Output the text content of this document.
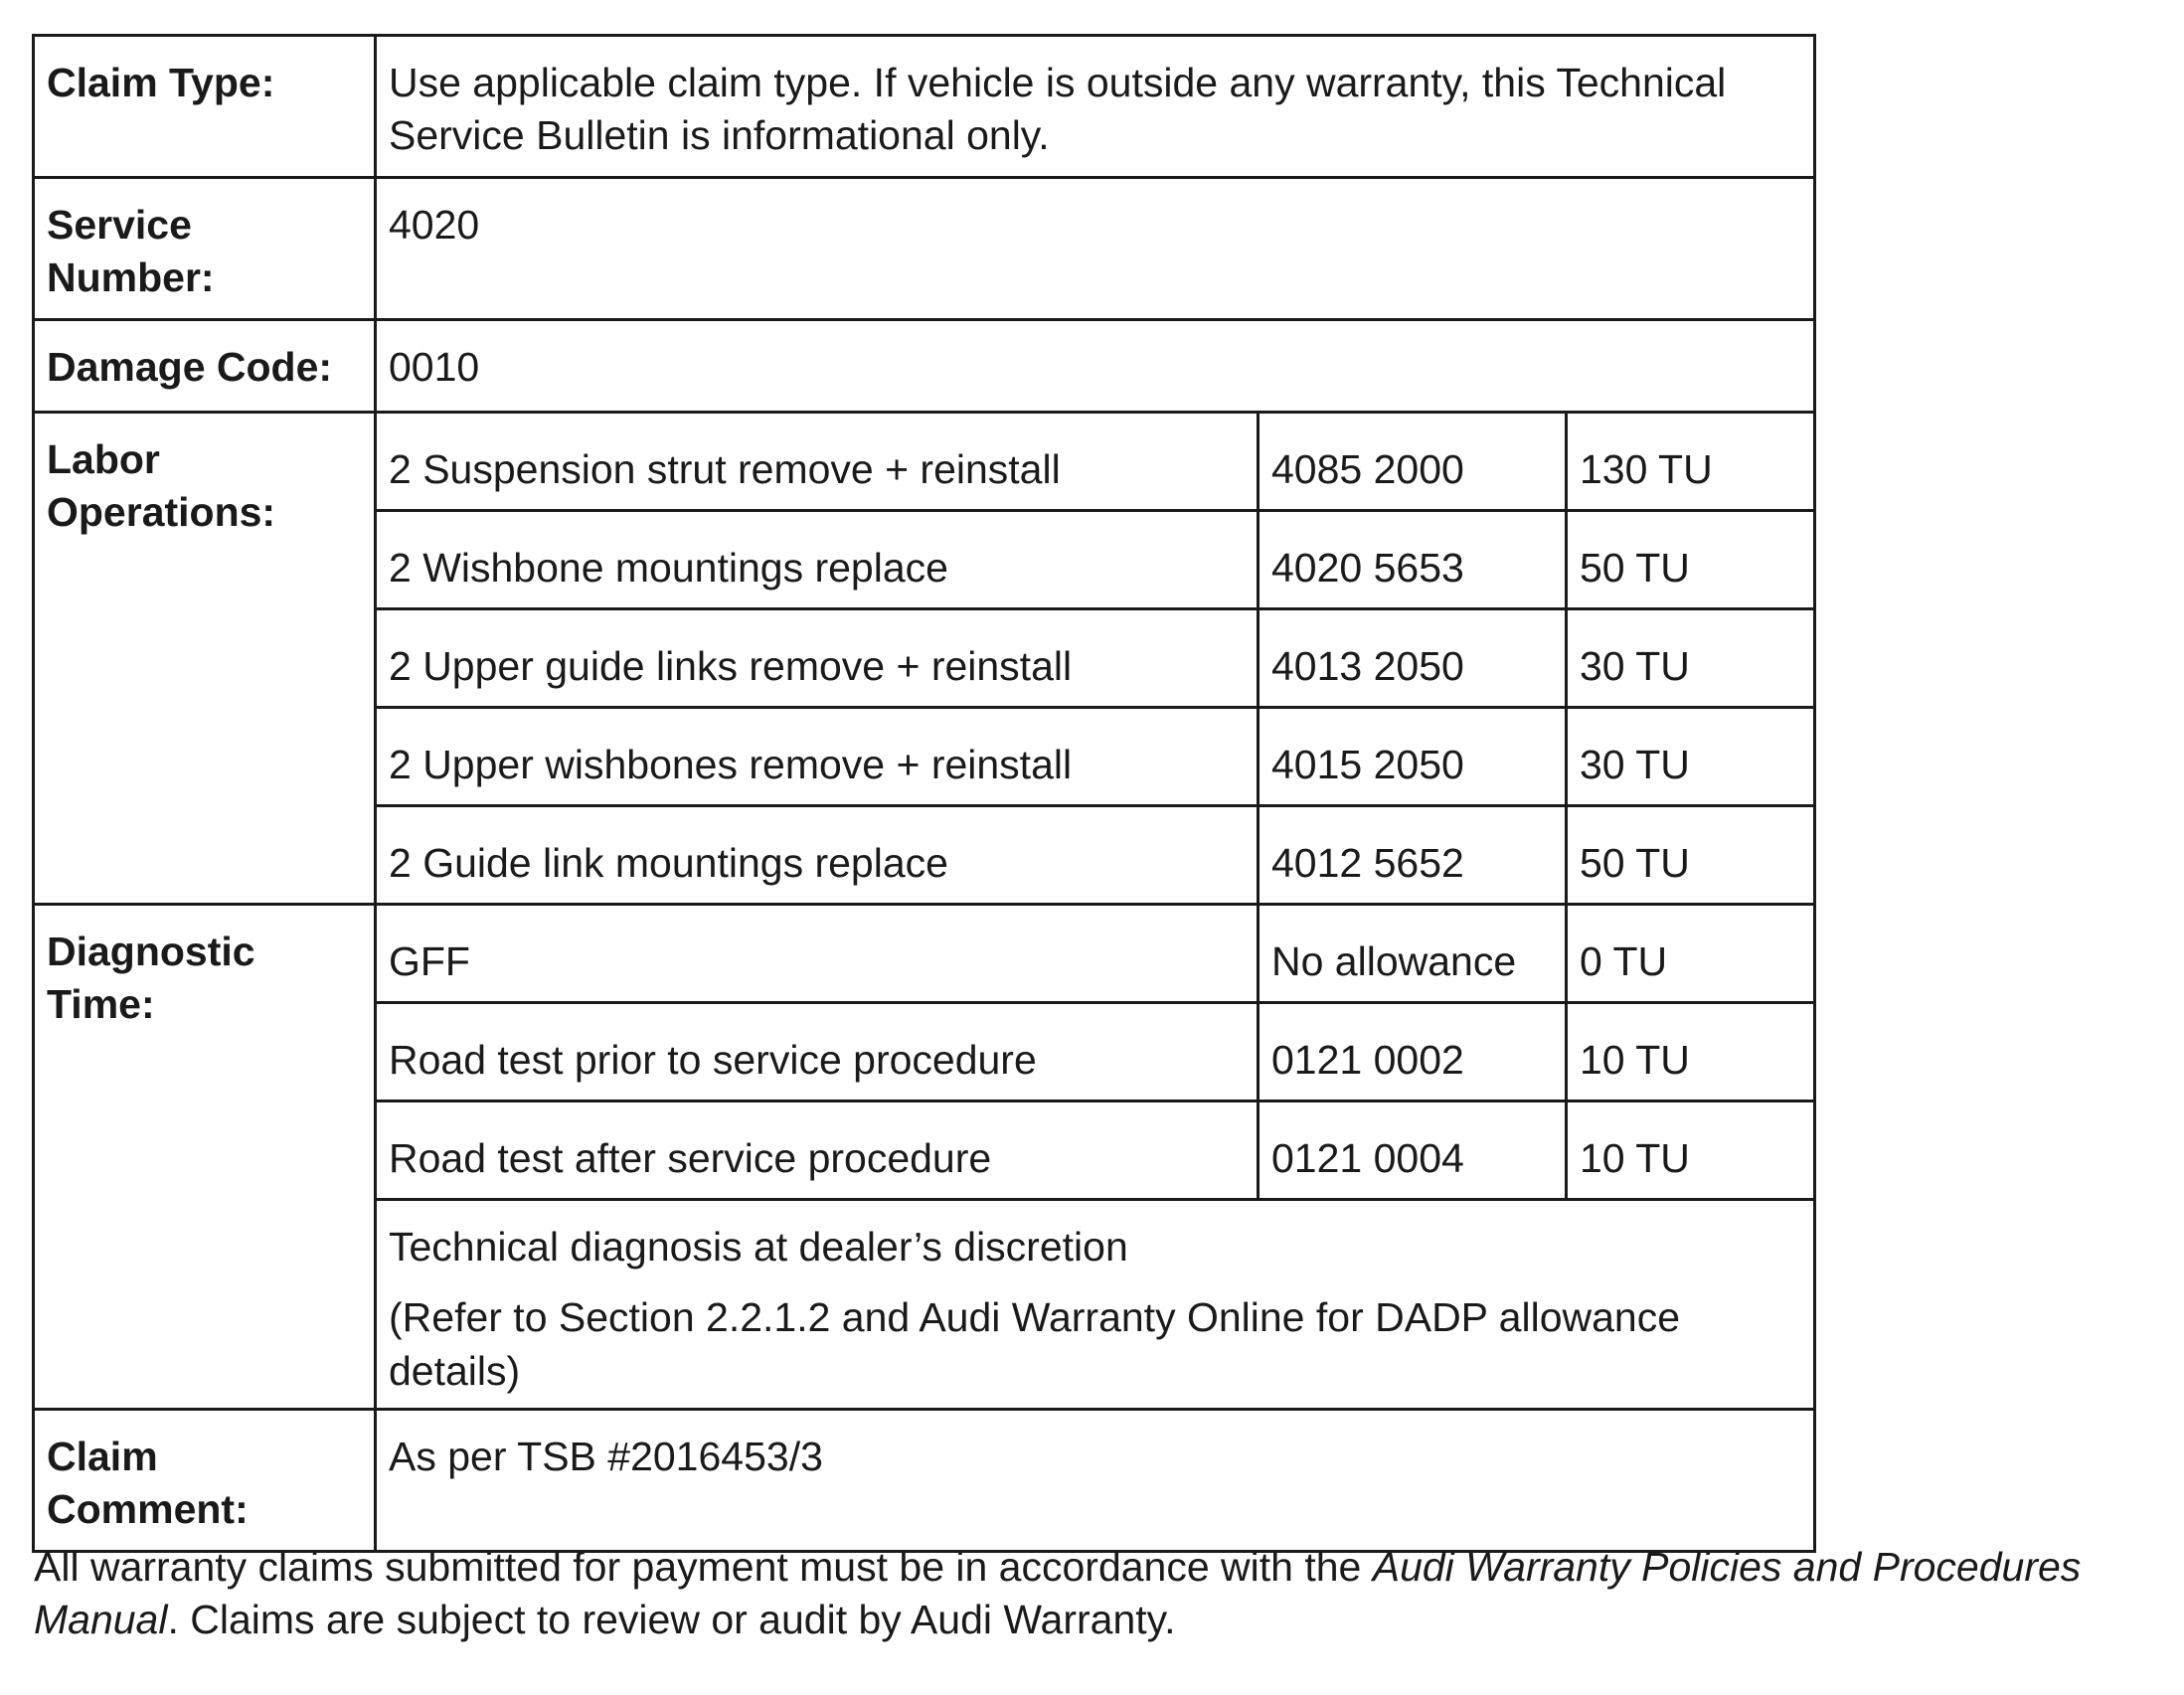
Claim Type:	Use applicable claim type. If vehicle is outside any warranty, this Technical Service Bulletin is informational only.		
Service Number:	4020		
Damage Code:	0010		
Labor Operations:	2 Suspension strut remove + reinstall	4085 2000	130 TU
	2 Wishbone mountings replace	4020 5653	50 TU
	2 Upper guide links remove + reinstall	4013 2050	30 TU
	2 Upper wishbones remove + reinstall	4015 2050	30 TU
	2 Guide link mountings replace	4012 5652	50 TU
Diagnostic Time:	GFF	No allowance	0 TU
	Road test prior to service procedure	0121 0002	10 TU
	Road test after service procedure	0121 0004	10 TU

	Technical diagnosis at dealer’s discretion
(Refer to Section 2.2.1.2 and Audi Warranty Online for DADP allowance details)		

Claim Comment:	As per TSB #2016453/3		

All warranty claims submitted for payment must be in accordance with the Audi Warranty Policies and Procedures Manual. Claims are subject to review or audit by Audi Warranty.
